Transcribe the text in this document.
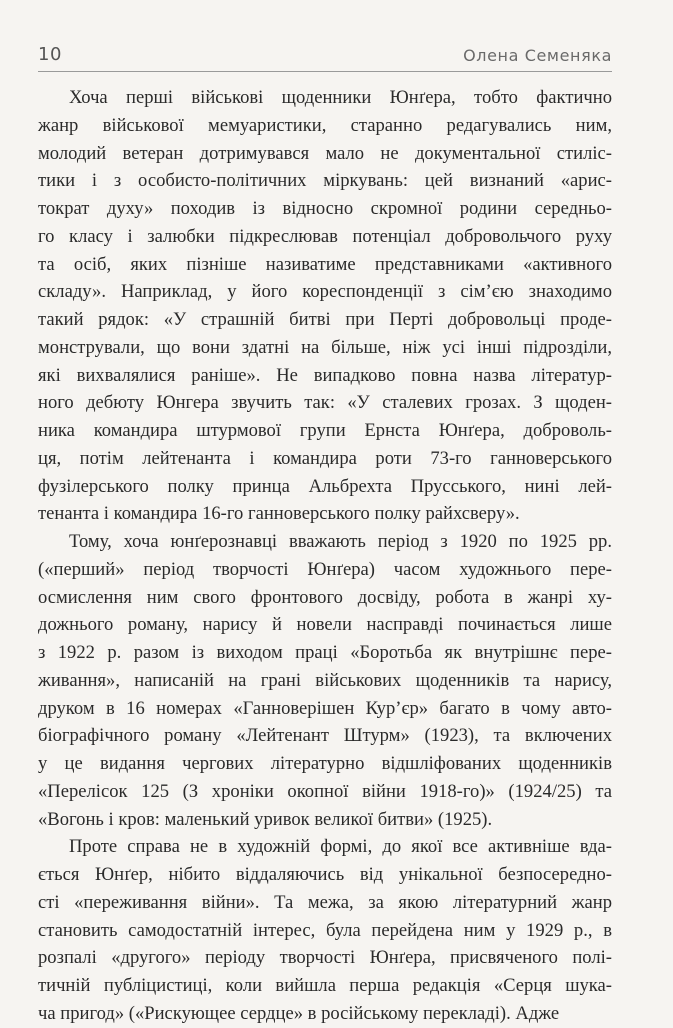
10	Олена Семеняка
Хоча перші військові щоденники Юнґера, тобто фактично
жанр військової мемуаристики, старанно редагувались ним,
молодий ветеран дотримувався мало не документальної стиліс-
тики і з особисто-політичних міркувань: цей визнаний «арис-
тократ духу» походив із відносно скромної родини середньо-
го класу і залюбки підкреслював потенціал добровольчого руху
та осіб, яких пізніше називатиме представниками «активного
складу». Наприклад, у його кореспонденції з сім’єю знаходимо
такий рядок: «У страшній битві при Перті добровольці проде-
монстрували, що вони здатні на більше, ніж усі інші підрозділи,
які вихвалялися раніше». Не випадково повна назва літератур-
ного дебюту Юнгера звучить так: «У сталевих грозах. З щоден-
ника командира штурмової групи Ернста Юнґера, доброволь-
ця, потім лейтенанта і командира роти 73-го ганноверського
фузілерського полку принца Альбрехта Прусського, нині лей-
тенанта і командира 16-го ганноверського полку райхсверу».
Тому, хоча юнґерознавці вважають період з 1920 по 1925 рр.
(«перший» період творчості Юнґера) часом художнього пере-
осмислення ним свого фронтового досвіду, робота в жанрі ху-
дожнього роману, нарису й новели насправді починається лише
з 1922 р. разом із виходом праці «Боротьба як внутрішнє пере-
живання», написаній на грані військових щоденників та нарису,
друком в 16 номерах «Ганноверішен Кур’єр» багато в чому авто-
біографічного роману «Лейтенант Штурм» (1923), та включених
у це видання чергових літературно відшліфованих щоденників
«Перелісок 125 (З хроніки окопної війни 1918-го)» (1924/25) та
«Вогонь і кров: маленький уривок великої битви» (1925).
Проте справа не в художній формі, до якої все активніше вда-
ється Юнґер, нібито віддаляючись від унікальної безпосередно-
сті «переживання війни». Та межа, за якою літературний жанр
становить самодостатній інтерес, була перейдена ним у 1929 р., в
розпалі «другого» періоду творчості Юнґера, присвяченого полі-
тичній публіцистиці, коли вийшла перша редакція «Серця шука-
ча пригод» («Рискующее сердце» в російському перекладі). Адже
